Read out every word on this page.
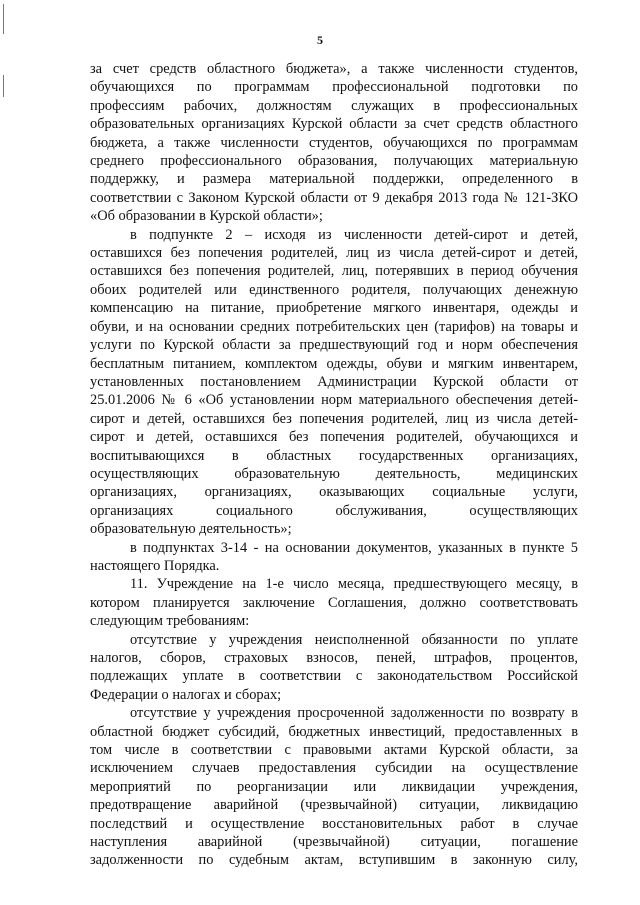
5
за счет средств областного бюджета», а также численности студентов,
обучающихся по программам профессиональной подготовки по
профессиям рабочих, должностям служащих в профессиональных
образовательных организациях Курской области за счет средств областного
бюджета, а также численности студентов, обучающихся по программам
среднего профессионального образования, получающих материальную
поддержку, и размера материальной поддержки, определенного в
соответствии с Законом Курской области от 9 декабря 2013 года № 121-ЗКО
«Об образовании в Курской области»;
в подпункте 2 – исходя из численности детей-сирот и детей,
оставшихся без попечения родителей, лиц из числа детей-сирот и детей,
оставшихся без попечения родителей, лиц, потерявших в период обучения
обоих родителей или единственного родителя, получающих денежную
компенсацию на питание, приобретение мягкого инвентаря, одежды и
обуви, и на основании средних потребительских цен (тарифов) на товары и
услуги по Курской области за предшествующий год и норм обеспечения
бесплатным питанием, комплектом одежды, обуви и мягким инвентарем,
установленных постановлением Администрации Курской области от
25.01.2006 № 6 «Об установлении норм материального обеспечения детей-
сирот и детей, оставшихся без попечения родителей, лиц из числа детей-
сирот и детей, оставшихся без попечения родителей, обучающихся и
воспитывающихся в областных государственных организациях,
осуществляющих образовательную деятельность, медицинских
организациях, организациях, оказывающих социальные услуги,
организациях социального обслуживания, осуществляющих
образовательную деятельность»;
в подпунктах 3-14 - на основании документов, указанных в пункте 5
настоящего Порядка.
11. Учреждение на 1-е число месяца, предшествующего месяцу, в
котором планируется заключение Соглашения, должно соответствовать
следующим требованиям:
отсутствие у учреждения неисполненной обязанности по уплате
налогов, сборов, страховых взносов, пеней, штрафов, процентов,
подлежащих уплате в соответствии с законодательством Российской
Федерации о налогах и сборах;
отсутствие у учреждения просроченной задолженности по возврату в
областной бюджет субсидий, бюджетных инвестиций, предоставленных в
том числе в соответствии с правовыми актами Курской области, за
исключением случаев предоставления субсидии на осуществление
мероприятий по реорганизации или ликвидации учреждения,
предотвращение аварийной (чрезвычайной) ситуации, ликвидацию
последствий и осуществление восстановительных работ в случае
наступления аварийной (чрезвычайной) ситуации, погашение
задолженности по судебным актам, вступившим в законную силу,
